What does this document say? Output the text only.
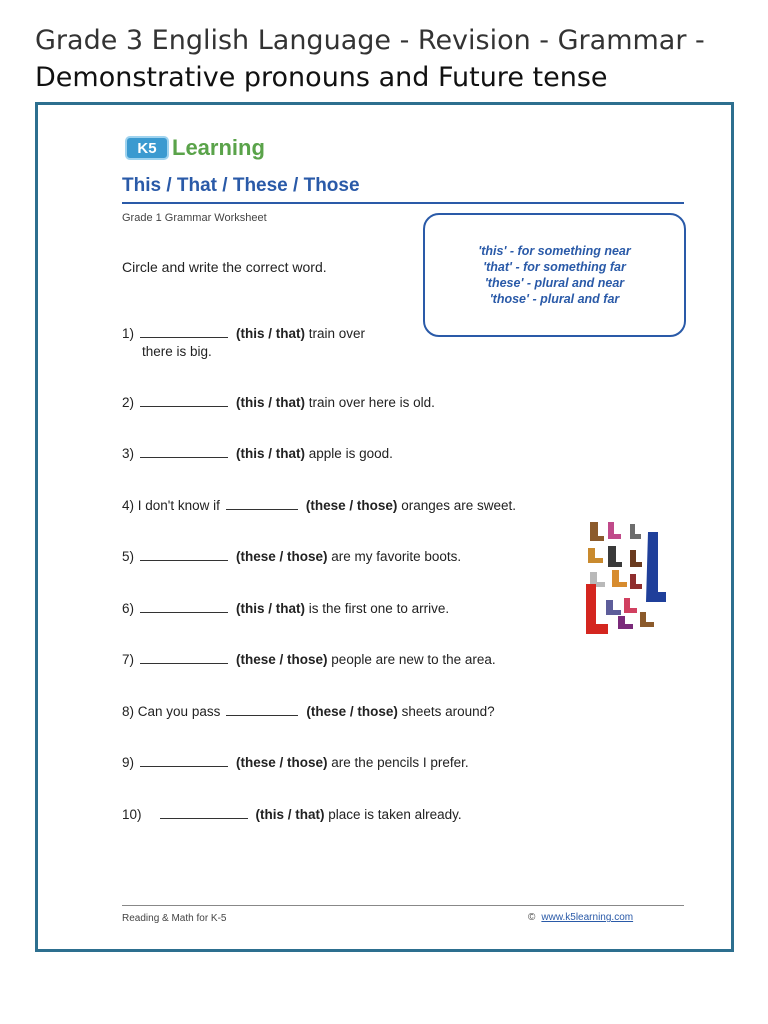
Grade 3 English Language - Revision - Grammar -
Demonstrative pronouns and Future tense
K5 Learning
This / That / These / Those
Grade 1 Grammar Worksheet
Circle and write the correct word.
'this' - for something near
'that' - for something far
'these' - plural and near
'those' - plural and far
1)	(this / that) train over
there is big.
2)	(this / that) train over here is old.
3)	(this / that) apple is good.
4) I don't know if	(these / those) oranges are sweet.
5)	(these / those) are my favorite boots.
6)	(this / that) is the first one to arrive.
7)	(these / those) people are new to the area.
8) Can you pass	(these / those) sheets around?
9)	(these / those) are the pencils I prefer.
10)	(this / that) place is taken already.
Reading & Math for K-5	© www.k5learning.com
